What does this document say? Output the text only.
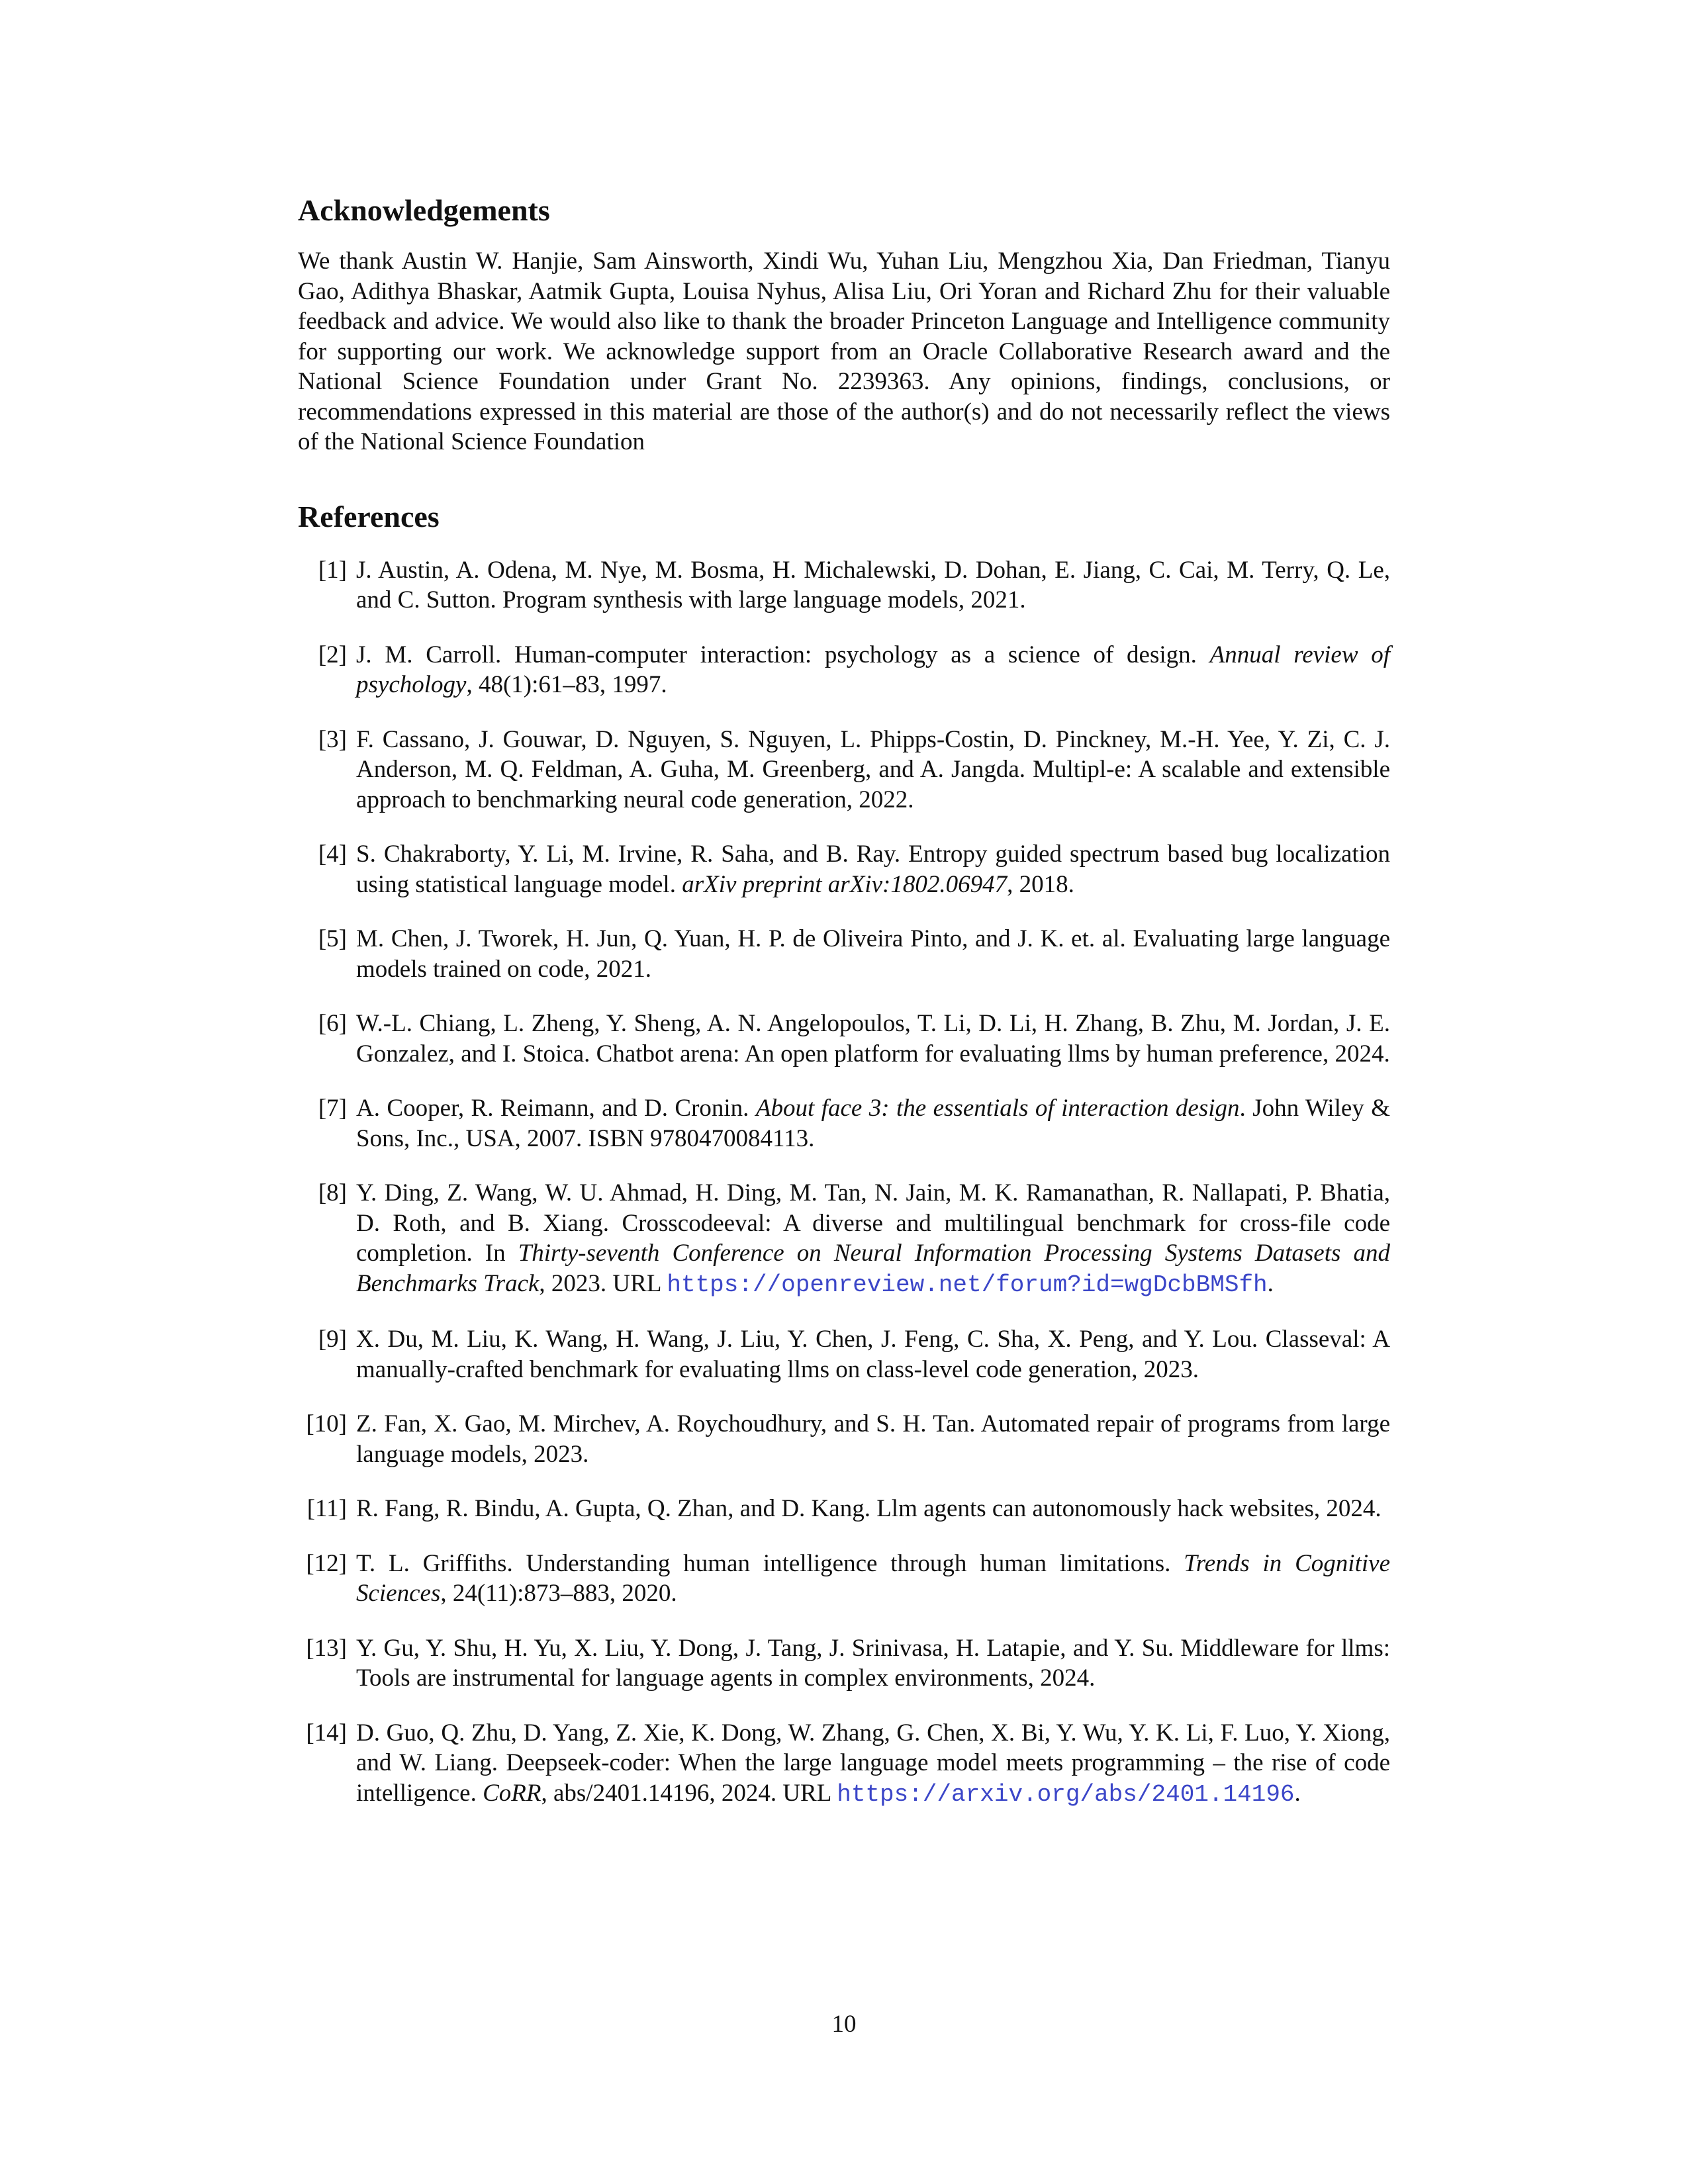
Acknowledgements

We thank Austin W. Hanjie, Sam Ainsworth, Xindi Wu, Yuhan Liu, Mengzhou Xia, Dan Friedman, Tianyu Gao, Adithya Bhaskar, Aatmik Gupta, Louisa Nyhus, Alisa Liu, Ori Yoran and Richard Zhu for their valuable feedback and advice. We would also like to thank the broader Princeton Language and Intelligence community for supporting our work. We acknowledge support from an Oracle Collaborative Research award and the National Science Foundation under Grant No. 2239363. Any opinions, findings, conclusions, or recommendations expressed in this material are those of the author(s) and do not necessarily reflect the views of the National Science Foundation

References
[1] J. Austin, A. Odena, M. Nye, M. Bosma, H. Michalewski, D. Dohan, E. Jiang, C. Cai, M. Terry, Q. Le, and C. Sutton. Program synthesis with large language models, 2021.
[2] J. M. Carroll. Human-computer interaction: psychology as a science of design. Annual review of psychology, 48(1):61–83, 1997.
[3] F. Cassano, J. Gouwar, D. Nguyen, S. Nguyen, L. Phipps-Costin, D. Pinckney, M.-H. Yee, Y. Zi, C. J. Anderson, M. Q. Feldman, A. Guha, M. Greenberg, and A. Jangda. Multipl-e: A scalable and extensible approach to benchmarking neural code generation, 2022.
[4] S. Chakraborty, Y. Li, M. Irvine, R. Saha, and B. Ray. Entropy guided spectrum based bug localization using statistical language model. arXiv preprint arXiv:1802.06947, 2018.
[5] M. Chen, J. Tworek, H. Jun, Q. Yuan, H. P. de Oliveira Pinto, and J. K. et. al. Evaluating large language models trained on code, 2021.
[6] W.-L. Chiang, L. Zheng, Y. Sheng, A. N. Angelopoulos, T. Li, D. Li, H. Zhang, B. Zhu, M. Jordan, J. E. Gonzalez, and I. Stoica. Chatbot arena: An open platform for evaluating llms by human preference, 2024.
[7] A. Cooper, R. Reimann, and D. Cronin. About face 3: the essentials of interaction design. John Wiley & Sons, Inc., USA, 2007. ISBN 9780470084113.
[8] Y. Ding, Z. Wang, W. U. Ahmad, H. Ding, M. Tan, N. Jain, M. K. Ramanathan, R. Nallapati, P. Bhatia, D. Roth, and B. Xiang. Crosscodeeval: A diverse and multilingual benchmark for cross-file code completion. In Thirty-seventh Conference on Neural Information Processing Systems Datasets and Benchmarks Track, 2023. URL https://openreview.net/forum?id=wgDcbBMSfh.
[9] X. Du, M. Liu, K. Wang, H. Wang, J. Liu, Y. Chen, J. Feng, C. Sha, X. Peng, and Y. Lou. Classeval: A manually-crafted benchmark for evaluating llms on class-level code generation, 2023.
[10] Z. Fan, X. Gao, M. Mirchev, A. Roychoudhury, and S. H. Tan. Automated repair of programs from large language models, 2023.
[11] R. Fang, R. Bindu, A. Gupta, Q. Zhan, and D. Kang. Llm agents can autonomously hack websites, 2024.
[12] T. L. Griffiths. Understanding human intelligence through human limitations. Trends in Cognitive Sciences, 24(11):873–883, 2020.
[13] Y. Gu, Y. Shu, H. Yu, X. Liu, Y. Dong, J. Tang, J. Srinivasa, H. Latapie, and Y. Su. Middleware for llms: Tools are instrumental for language agents in complex environments, 2024.
[14] D. Guo, Q. Zhu, D. Yang, Z. Xie, K. Dong, W. Zhang, G. Chen, X. Bi, Y. Wu, Y. K. Li, F. Luo, Y. Xiong, and W. Liang. Deepseek-coder: When the large language model meets programming – the rise of code intelligence. CoRR, abs/2401.14196, 2024. URL https://arxiv.org/abs/2401.14196.
10
